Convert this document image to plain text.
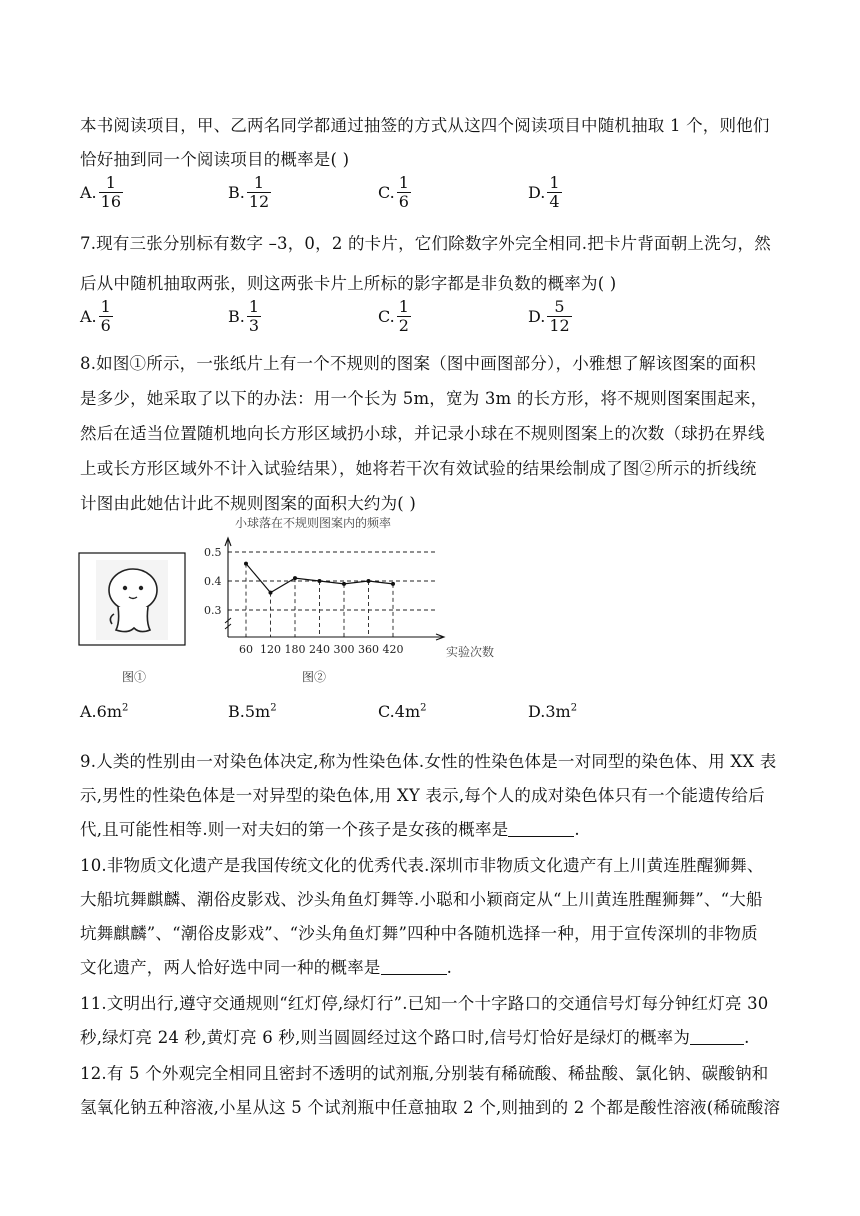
本书阅读项目，甲、乙两名同学都通过抽签的方式从这四个阅读项目中随机抽取 1 个，则他们
恰好抽到同一个阅读项目的概率是( )
A. $\frac{1}{16}$	B. $\frac{1}{12}$	C. $\frac{1}{6}$	D. $\frac{1}{4}$
7.现有三张分别标有数字 –3，0，2 的卡片，它们除数字外完全相同.把卡片背面朝上洗匀，然
后从中随机抽取两张，则这两张卡片上所标的影字都是非负数的概率为( )
A. $\frac{1}{6}$	B. $\frac{1}{3}$	C. $\frac{1}{2}$	D. $\frac{5}{12}$
8.如图①所示，一张纸片上有一个不规则的图案（图中画图部分），小雅想了解该图案的面积
是多少，她采取了以下的办法：用一个长为 5m，宽为 3m 的长方形，将不规则图案围起来，
然后在适当位置随机地向长方形区域扔小球，并记录小球在不规则图案上的次数（球扔在界线
上或长方形区域外不计入试验结果），她将若干次有效试验的结果绘制成了图②所示的折线统
计图由此她估计此不规则图案的面积大约为( )
图①
小球落在不规则图案内的频率
实验次数
0.3
0.4
0.5
60 120 180 240 300 360 420
图②
$A.6m^2$	$B.5m^2$	$C.4m^2$	$D.3m^2$
9.人类的性别由一对染色体决定,称为性染色体.女性的性染色体是一对同型的染色体、用 XX 表
示,男性的性染色体是一对异型的染色体,用 XY 表示,每个人的成对染色体只有一个能遗传给后
代,且可能性相等.则一对夫妇的第一个孩子是女孩的概率是	.
10.非物质文化遗产是我国传统文化的优秀代表.深圳市非物质文化遗产有上川黄连胜醒狮舞、
大船坑舞麒麟、潮俗皮影戏、沙头角鱼灯舞等.小聪和小颖商定从“上川黄连胜醒狮舞”、“大船
坑舞麒麟”、“潮俗皮影戏”、“沙头角鱼灯舞”四种中各随机选择一种，用于宣传深圳的非物质
文化遗产，两人恰好选中同一种的概率是	.
11.文明出行,遵守交通规则“红灯停,绿灯行”.已知一个十字路口的交通信号灯每分钟红灯亮 30
秒,绿灯亮 24 秒,黄灯亮 6 秒,则当圆圆经过这个路口时,信号灯恰好是绿灯的概率为	.
12.有 5 个外观完全相同且密封不透明的试剂瓶,分别装有稀硫酸、稀盐酸、氯化钠、碳酸钠和
氢氧化钠五种溶液,小星从这 5 个试剂瓶中任意抽取 2 个,则抽到的 2 个都是酸性溶液(稀硫酸溶
